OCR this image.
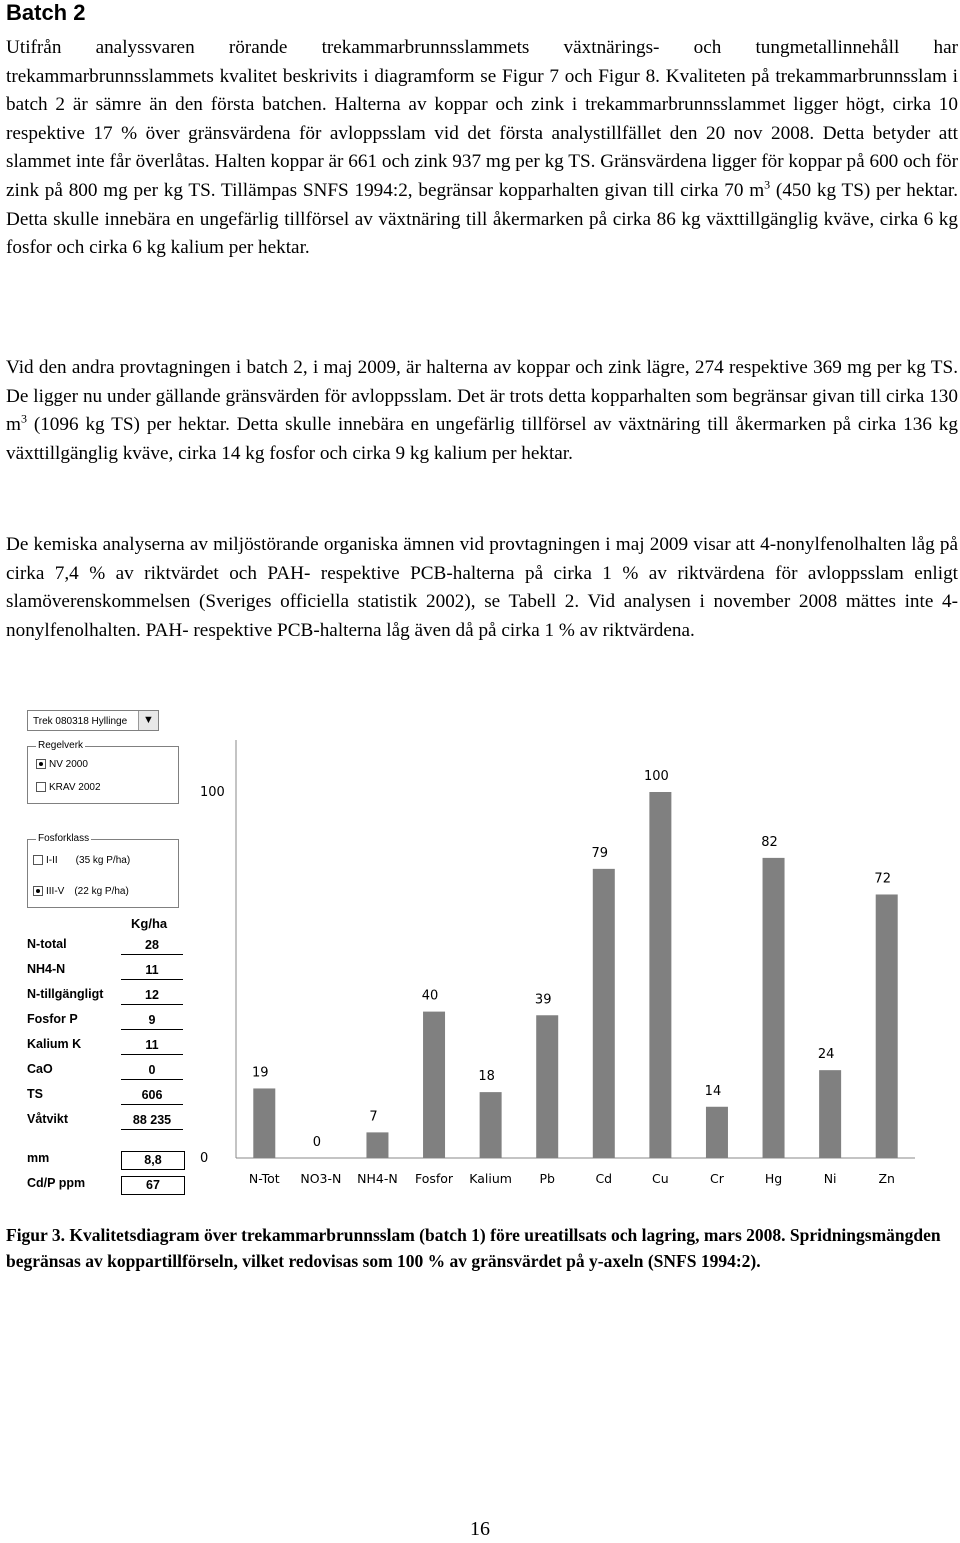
Batch 2

Utifrån analyssvaren rörande trekammarbrunnsslammets växtnärings- och tungmetallinnehåll har trekammarbrunnsslammets kvalitet beskrivits i diagramform se Figur 7 och Figur 8. Kvaliteten på trekammarbrunnsslam i batch 2 är sämre än den första batchen. Halterna av koppar och zink i trekammarbrunnsslammet ligger högt, cirka 10 respektive 17 % över gränsvärdena för avloppsslam vid det första analystillfället den 20 nov 2008. Detta betyder att slammet inte får överlåtas. Halten koppar är 661 och zink 937 mg per kg TS. Gränsvärdena ligger för koppar på 600 och för zink på 800 mg per kg TS. Tillämpas SNFS 1994:2, begränsar kopparhalten givan till cirka 70 $m^3$ (450 kg TS) per hektar. Detta skulle innebära en ungefärlig tillförsel av växtnäring till åkermarken på cirka 86 kg växttillgänglig kväve, cirka 6 kg fosfor och cirka 6 kg kalium per hektar.

Vid den andra provtagningen i batch 2, i maj 2009, är halterna av koppar och zink lägre, 274 respektive 369 mg per kg TS. De ligger nu under gällande gränsvärden för avloppsslam. Det är trots detta kopparhalten som begränsar givan till cirka 130 $m^3$ (1096 kg TS) per hektar. Detta skulle innebära en ungefärlig tillförsel av växtnäring till åkermarken på cirka 136 kg växttillgänglig kväve, cirka 14 kg fosfor och cirka 9 kg kalium per hektar.

De kemiska analyserna av miljöstörande organiska ämnen vid provtagningen i maj 2009 visar att 4-nonylfenolhalten låg på cirka 7,4 % av riktvärdet och PAH- respektive PCB-halterna på cirka 1 % av riktvärdena för avloppsslam enligt slamöverenskommelsen (Sveriges officiella statistik 2002), se Tabell 2. Vid analysen i november 2008 mättes inte 4-nonylfenolhalten. PAH- respektive PCB-halterna låg även då på cirka 1 % av riktvärdena.

Trek 080318 Hyllinge	▼
Regelverk
NV 2000
KRAV 2002
Fosforklass
I-II (35 kg P/ha)
III-V (22 kg P/ha)
Kg/ha
N-total	28
NH4-N	11
N-tillgängligt	12
Fosfor P	9
Kalium K	11
CaO	0
TS	606
Våtvikt	88 235
mm	8,8
Cd/P ppm	67
0
100
19
N-Tot
0
NO3-N
7
NH4-N
40
Fosfor
18
Kalium
39
Pb
79
Cd
100
Cu
14
Cr
82
Hg
24
Ni
72
Zn
Figur 3. Kvalitetsdiagram över trekammarbrunnsslam (batch 1) före ureatillsats och lagring, mars 2008. Spridningsmängden begränsas av koppartillförseln, vilket redovisas som 100 % av gränsvärdet på y-axeln (SNFS 1994:2).
16
